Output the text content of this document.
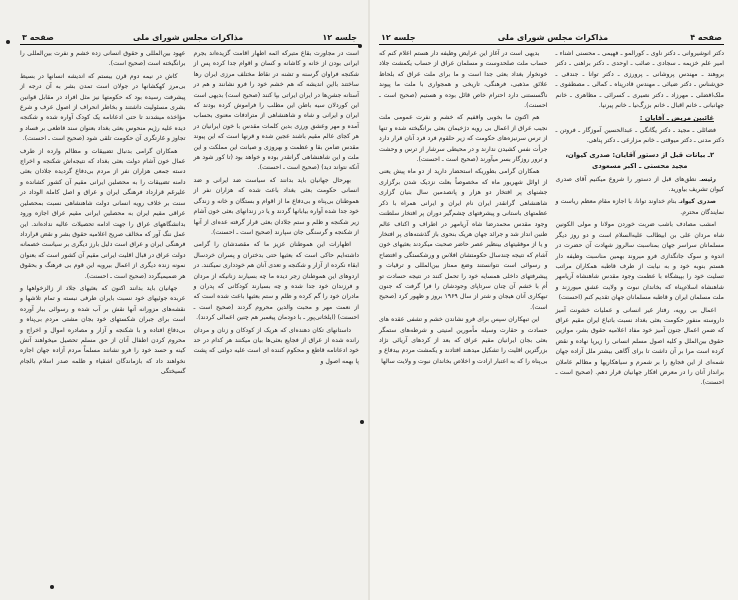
جلسه ۱۲
مذاکرات مجلس شورای ملی
صفحه ۳

است در مجاورت بقاع متبرکه ائمه اطهار اقامت گزیده‌اند بجرم ایرانی بودن از خانه و کاشانه و کسان و اقوام جدا کرده پس از شکنجه فراوان گرسنه و تشنه در نقاط مختلف مرزی ایران رها ساختند بااین اندیشه که هم خشم خود را فرو نشانند و هم در آستانه جشن‌ها در ایران ایراتی بپا کنند (صحیح است) بدیهی است این کوردلان سیه باطن این مطلب را فراموش کرده بودند که ایران و ایرانی و شاه و شاهنشاهی از مترادفات معنوی بحساب آمده و مهر وعشق ورزی بدین کلمات مقدس با خون ایرانیان در هر کجای عالم مقیم باشند عجین شده و قرنها است که این پیوند مقدس ضامن بقا و عظمت و بهروزی و صیانت این مملکت و این ملت و این شاهنشاهی گرانقدر بوده و خواهد بود (تا کور شود هر آنکه نتواند دید) (صحیح است ـ احسنت).

بهرحال جهانیان باید بدانند که سیاست ضد ایرانی و ضد انسانی حکومت بعثی بغداد باعث شده که هزاران نفر از هموطنان بی‌پناه و بی‌دفاع ما از اقوام و بستگان و خانه و زندگی خود جدا شده آواره بیابانها گردند و یا در زندانهای بعثی خون آشام زیر شکنجه و ظلم و ستم جلادان بعثی قرار گرفته عده‌ای از آنها از شکنجه و گرسنگی جان سپارند (صحیح است ـ احسنت).

اظهارات این هموطنان عزیز ما که مقصدشان را گرامی داشته‌ایم حاکی است که بعثیها حتی بدختران و پسران خردسال ابقاء نکرده از آزار و شکنجه و تعدی آنان هم خودداری نمیکنند. در اردوهای این هموطنان زجر دیده ما چه بسیارند زنانیکه از مردان و فرزندان خود جدا شده و چه بسیارند کودکانی که پدران و مادران خود را گم کرده و ظلم و ستم بعثیها باعث شده است که از نعمت مهر و محبت والدین محروم گردند (صحیح است ـ احسنت) (ایلخانی‌پور ـ با دودمان پیغمبر هم چنین اعمالی کردند).

داستانهای تکان دهنده‌ای که هریک از کودکان و زنان و مردان رانده شده از عراق از فجایع بعثی‌ها بیان میکنند هر کدام در حد خود ادعانامه قاطع و محکوم کننده ای است علیه دولتی که پشت پا بهمه اصول و

عهود بین‌المللی و حقوق انسانی زده خشم و نفرت بین‌المللی را برانگیخته است (صحیح است).

کاش در نیمه دوم قرن بیستم که اندیشه انسانها در بسیط بی‌مرز کهکشانها در جولان است تمدن بشر به آن درجه از پیشرفت رسیده بود که حکومتها نیز مثل افراد در مقابل قوانین بشری مسئولیت داشتند و بخاطر انحراف از اصول عرف و شرع مؤاخذه میشدند تا حتی ادعانامه یک کودک آواره شده و شکنجه دیده علیه رژیم منحوس بعثی بغداد بعنوان سند قاطعی بر فساد و تجاوز و غارتگری آن حکومت تلقی شود (صحیح است ـ احسنت).

همکاران گرامی بدنبال تضییقات و مظالم وارده از طرف عمال خون آشام دولت بعثی بغداد که نتیجه‌اش شکنجه و اخراج دسته جمعی هزاران نفر از مردم بی‌دفاع گردیده جلادان بعثی دامنه تضییقات را به محصلین ایرانی مقیم آن کشور کشانده و علیرغم قرارداد فرهنگی ایران و عراق و اصل کاملة الوداد در سنت بر خلاف رویه انسانی دولت شاهنشاهی نسبت بمحصلین عراقی مقیم ایران به محصلین ایرانی مقیم عراق اجازه ورود بدانشگاههای عراق را جهت ادامه تحصیلات عالیه نداده‌اند. این عمل ننگ آور که مخالف صریح اعلامیه حقوق بشر و نقض قرارداد فرهنگی ایران و عراق است دلیل بارز دیگری بر سیاست خصمانه دولت عراق در قبال اقلیت ایرانی مقیم آن کشور است که بعنوان نمونه زنده دیگری از اعمال بیرویه این قوم بی فرهنگ و بحقوق هر ضمیمیگردد (صحیح است ـ احسنت).

جهانیان باید بدانند اکنون که بعثیهای جلاد از زالزخواهها و عربده جوئیهای خود نسبت بایران طرفی نبسته و تمام تلاشها و نقشه‌های مزورانه آنها نقش بر آب شده و رسوائی ببار آورده است برای جبران شکستهای خود بجان مشتی مردم بی‌پناه و بی‌دفاع افتاده و با شکنجه و آزار و مصادره اموال و اخراج و محروم کردن اطفال آنان از حق مسلم تحصیل میخواهند آتش کینه و حسد خود را فرو نشانند مسلماً مردم آزاده جهان اجازه نخواهند داد که بازماندگان اشقیاء و ظلمه صدر اسلام بالجام گسیختگی

صفحه ۴
مذاکرات مجلس شورای ملی
جلسه ۱۲

دکتر انوشیروانی ـ دکتر ناوی ـ کورالمو ـ فهیمی ـ محسنی اشناء ـ امیر علم خزیمه ـ سجادی ـ صائب ـ اوحدی ـ دکتر براهنی ـ دکتر بروهند ـ مهندس پروشانی ـ پرورزی ـ دکتر توانا ـ جندقی ـ حق‌شناس ـ دکتر ضیائی ـ مهندس قادرپناه ـ کمالی ـ مصطفوی ـ ملک‌افضلی ـ مهرزاد ـ دکتر نصیری ـ کسرائی ـ مظاهری ـ خانم جهانبانی ـ خانم اقبال ـ خانم بزرگ‌نیا ـ خانم پیرنیا.

غائبین مریض ـ آقایان :

فضائلی ـ مجید ـ دکتر یگانگی ـ عبدالحسین آموزگار ـ فروتن ـ دکتر مدنی ـ دکتر میوقتی ـ خانم مزارعی ـ دکتر پناهی.

۲ـ بیانات قبل از دستور آقایان: صدری کیوان،
مجید محسنی ـ اکبر مسعودی

رئیسـ نطق‌های قبل از دستور را شروع میکنیم آقای صدری کیوان تشریف بیاورید.

صدری کیوانـ بنام خداوند توانا، با اجازه مقام معظم ریاست و نمایندگان محترم.

امشب مصادف باشب ضربت خوردن مولانا و مولی الکونین شاه مردان علی بن ابیطالب علیه‌السلام است و دو روز دیگر مسلمانان سراسر جهان بمناسبت سالروز شهادت آن حضرت در اندوه و سوک جانگدازی فرو میروند بهمین مناسبت وظیفه دار هستم بنوبه خود و به نیابت از طرف قاطبه همکاران مراتب تسلیت خود را بپیشگاه با عظمت وجود مقدس شاهنشاه آریامهر شاهنشاه اسلام‌پناه که بخاندان نبوت و ولایت عشق میورزند و ملت مسلمان ایران و قاطبه مسلمانان جهان تقدیم کنم (احسنت)

اعمال بی رویه، رفتار غیر انسانی و عملیات خشونت آمیز داروسته منفور حکومت بعثی بغداد نسبت باتباع ایران مقیم عراق که ضمن اعمال جنون آمیز خود مفاد اعلامیه حقوق بشر، موازین حقوق بین‌الملل و کلیه اصول مسلم انسانی را زیرپا نهاده و نقض کرده است مرا بر آن داشت تا برای آگاهی بیشتر ملل آزاده جهان شمه‌ای از این فجایع را بر شمرم و سیاهکاریها و مظالم عاملان برانداز آنان را در معرض افکار جهانیان قرار دهم. (صحیح است ـ احسنت).

بدیهی است در آغاز این عرایض وظیفه دار هستم اعلام کنم که حساب ملت صلحدوست و مسلمان عراق از حساب یکمشت جلاد خونخوار بغداد بعثی جدا است و ما برای ملت عراق که بلحاظ علائق مذهبی، فرهنگی، تاریخی و همجواری با ملت ما پیوند ناگسستنی دارد احترام خاص قائل بوده و هستیم (صحیح است ـ احسنت).

هم اکنون ما بخوبی واقفیم که خشم و نفرت عمومی ملت نجیب عراق از اعمال بی رویه دژخیمان بعثی برانگیخته شده و تنها از ترس سرنیزه‌های حکومت که زیر حلقوم فرد فرد آنان قرار دارد جرأت نفس کشیدن ندارند و در محیطی سرشار از ترس و وحشت و ترور روزگار بسر میآورند (صحیح است ـ احسنت).

همکاران گرامی بطوریکه استحضار دارید از دو ماه پیش یعنی از اوائل شهریور ماه که مخصوصاً بعلت نزدیک شدن برگزاری جشنهای پر افتخار دو هزار و پانصدمین سال بنیان گزاری شاهنشاهی گرانقدر ایران نام ایران و ایرانی همراه با ذکر عظمتهای باستانی و پیشرفتهای چشم‌گیر دوران پر افتخار سلطنت وجود مقدس محمدرضا شاه آریامهر در اطراف و اکناف عالم طنین انداز شد و جرائد جهان هریک بنحوی باز گذشته‌های پر افتخار و یا از موفقیتهای بینظیر عصر حاضر صحبت میکردند بعثیهای خون آشام که نتیجه چندسال حکومتشان افلاس و ورشکستگی و افتضاح و رسوائی است نتوانستند وضع ممتاز بین‌المللی و ترقیات و پیشرفتهای داخلی همسایه خود را تحمل کنند در نتیجه حسادت تو أم با خشم آن چنان سرتاپای وجودشان را فرا گرفت که جنون تبهکاری آنان هیجان و شتر از سال ۱۹۶۹ بروز و ظهور کرد (صحیح است).

این تبهکاران سپس برای فرو نشاندن خشم و تشفی عقده های حسادت و حقارت وسیله مأمورین امنیتی و شرطه‌های ستمگر بعثی بجان ایرانیان مقیم عراق که بعد از کردهای آریائی نژاد بزرگترین اقلیت را تشکیل میدهند افتادند و یکمشت مردم بیدفاع و بی‌پناه را که به اعتبار ارادت و اخلاص بخاندان نبوت و ولایت سالها
